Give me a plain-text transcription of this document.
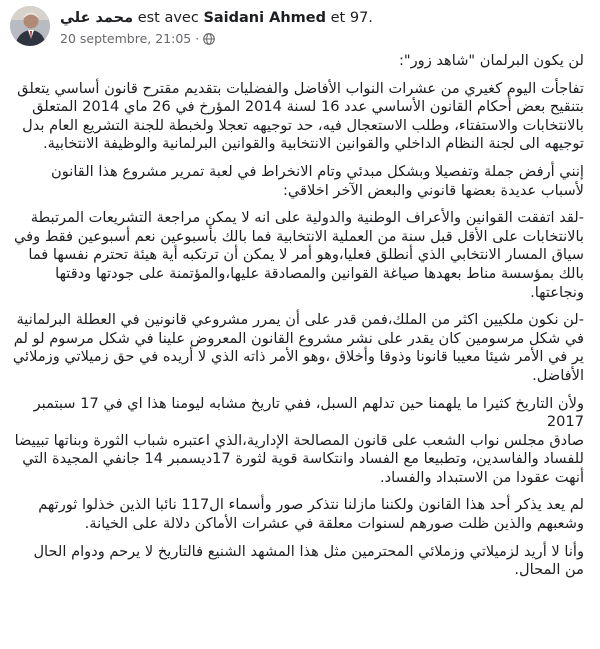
محمد علي est avec Saidani Ahmed et 97.
20 septembre, 21:05 ·

لن يكون البرلمان "شاهد زور":

تفاجأت اليوم كغيري من عشرات النواب الأفاضل والفضليات بتقديم مقترح قانون أساسي يتعلق بتنقيح بعض أحكام القانون الأساسي عدد 16 لسنة 2014 المؤرخ في 26 ماي 2014 المتعلق بالانتخابات والاستفتاء، وطلب الاستعجال فيه، حد توجيهه تعجلا ولخبطة للجنة التشريع العام بدل توجيهه الى لجنة النظام الداخلي والقوانين الانتخابية والقوانين البرلمانية والوظيفة الانتخابية.

إنني أرفض جملة وتفصيلا وبشكل مبدئي وتام الانخراط في لعبة تمرير مشروع هذا القانون لأسباب عديدة بعضها قانوني والبعض الآخر اخلاقي:

-لقد اتفقت القوانين والأعراف الوطنية والدولية على انه لا يمكن مراجعة التشريعات المرتبطة بالانتخابات على الأقل قبل سنة من العملية الانتخابية فما بالك بأسبوعين نعم أسبوعين فقط وفي سياق المسار الانتخابي الذي أنطلق فعليا،وهو أمر لا يمكن أن ترتكبه أية هيئة تحترم نفسها فما بالك بمؤسسة مناط بعهدها صياغة القوانين والمصادقة عليها،والمؤتمنة على جودتها ودقتها ونجاعتها.

-لن نكون ملكيين اكثر من الملك،فمن قدر على أن يمرر مشروعي قانونين في العطلة البرلمانية في شكل مرسومين كان يقدر على نشر مشروع القانون المعروض علينا في شكل مرسوم لو لم ير في الأمر شيئا معيبا قانونا وذوقا وأخلاق ،وهو الأمر ذاته الذي لا أريده في حق زميلاتي وزملائي الأفاضل.

ولأن التاريخ كثيرا ما يلهمنا حين تدلهم السبل، ففي تاريخ مشابه ليومنا هذا اي في 17 سبتمبر 2017
صادق مجلس نواب الشعب على قانون المصالحة الإدارية،الذي اعتبره شباب الثورة وبناتها تبييضا للفساد والفاسدين، وتطبيعا مع الفساد وانتكاسة قوية لثورة 17ديسمبر 14 جانفي المجيدة التي أنهت عقودا من الاستبداد والفساد.

لم يعد يذكر أحد هذا القانون ولكننا مازلنا نتذكر صور وأسماء ال117 نائبا الذين خذلوا ثورتهم وشعبهم والذين ظلت صورهم لسنوات معلقة في عشرات الأماكن دلالة على الخيانة.

وأنا لا أريد لزميلاتي وزملائي المحترمين مثل هذا المشهد الشنيع فالتاريخ لا يرحم ودوام الحال من المحال.
